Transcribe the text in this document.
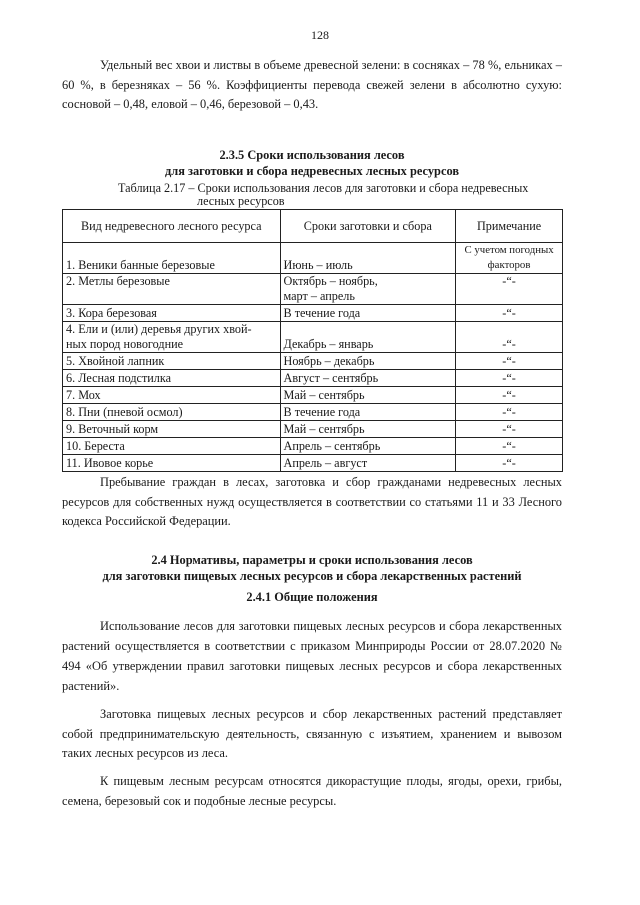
128

Удельный вес хвои и листвы в объеме древесной зелени: в сосняках – 78 %, ельниках – 60 %, в березняках – 56 %. Коэффициенты перевода свежей зелени в абсолютно сухую: сосновой – 0,48, еловой – 0,46, березовой – 0,43.

2.3.5 Сроки использования лесов
для заготовки и сбора недревесных лесных ресурсов
Таблица 2.17 – Сроки использования лесов для заготовки и сбора недревесных
лесных ресурсов
Вид недревесного лесного ресурса	Сроки заготовки и сбора	Примечание
1. Веники банные березовые	Июнь – июль	С учетом погодных факторов
2. Метлы березовые	Октябрь – ноябрь,
март – апрель	-“-
3. Кора березовая	В течение года	-“-

4. Ели и (или) деревья других хвой-
ных пород новогодние	Декабрь – январь	-“-
5. Хвойной лапник	Ноябрь – декабрь	-“-
6. Лесная подстилка	Август – сентябрь	-“-
7. Мох	Май – сентябрь	-“-
8. Пни (пневой осмол)	В течение года	-“-
9. Веточный корм	Май – сентябрь	-“-
10. Береста	Апрель – сентябрь	-“-
11. Ивовое корье	Апрель – август	-“-

Пребывание граждан в лесах, заготовка и сбор гражданами недревесных лесных ресурсов для собственных нужд осуществляется в соответствии со статьями 11 и 33 Лесного кодекса Российской Федерации.

2.4 Нормативы, параметры и сроки использования лесов
для заготовки пищевых лесных ресурсов и сбора лекарственных растений
2.4.1 Общие положения

Использование лесов для заготовки пищевых лесных ресурсов и сбора лекарственных растений осуществляется в соответствии с приказом Минприроды России от 28.07.2020 № 494 «Об утверждении правил заготовки пищевых лесных ресурсов и сбора лекарственных растений».

Заготовка пищевых лесных ресурсов и сбор лекарственных растений представляет собой предпринимательскую деятельность, связанную с изъятием, хранением и вывозом таких лесных ресурсов из леса.

К пищевым лесным ресурсам относятся дикорастущие плоды, ягоды, орехи, грибы, семена, березовый сок и подобные лесные ресурсы.
